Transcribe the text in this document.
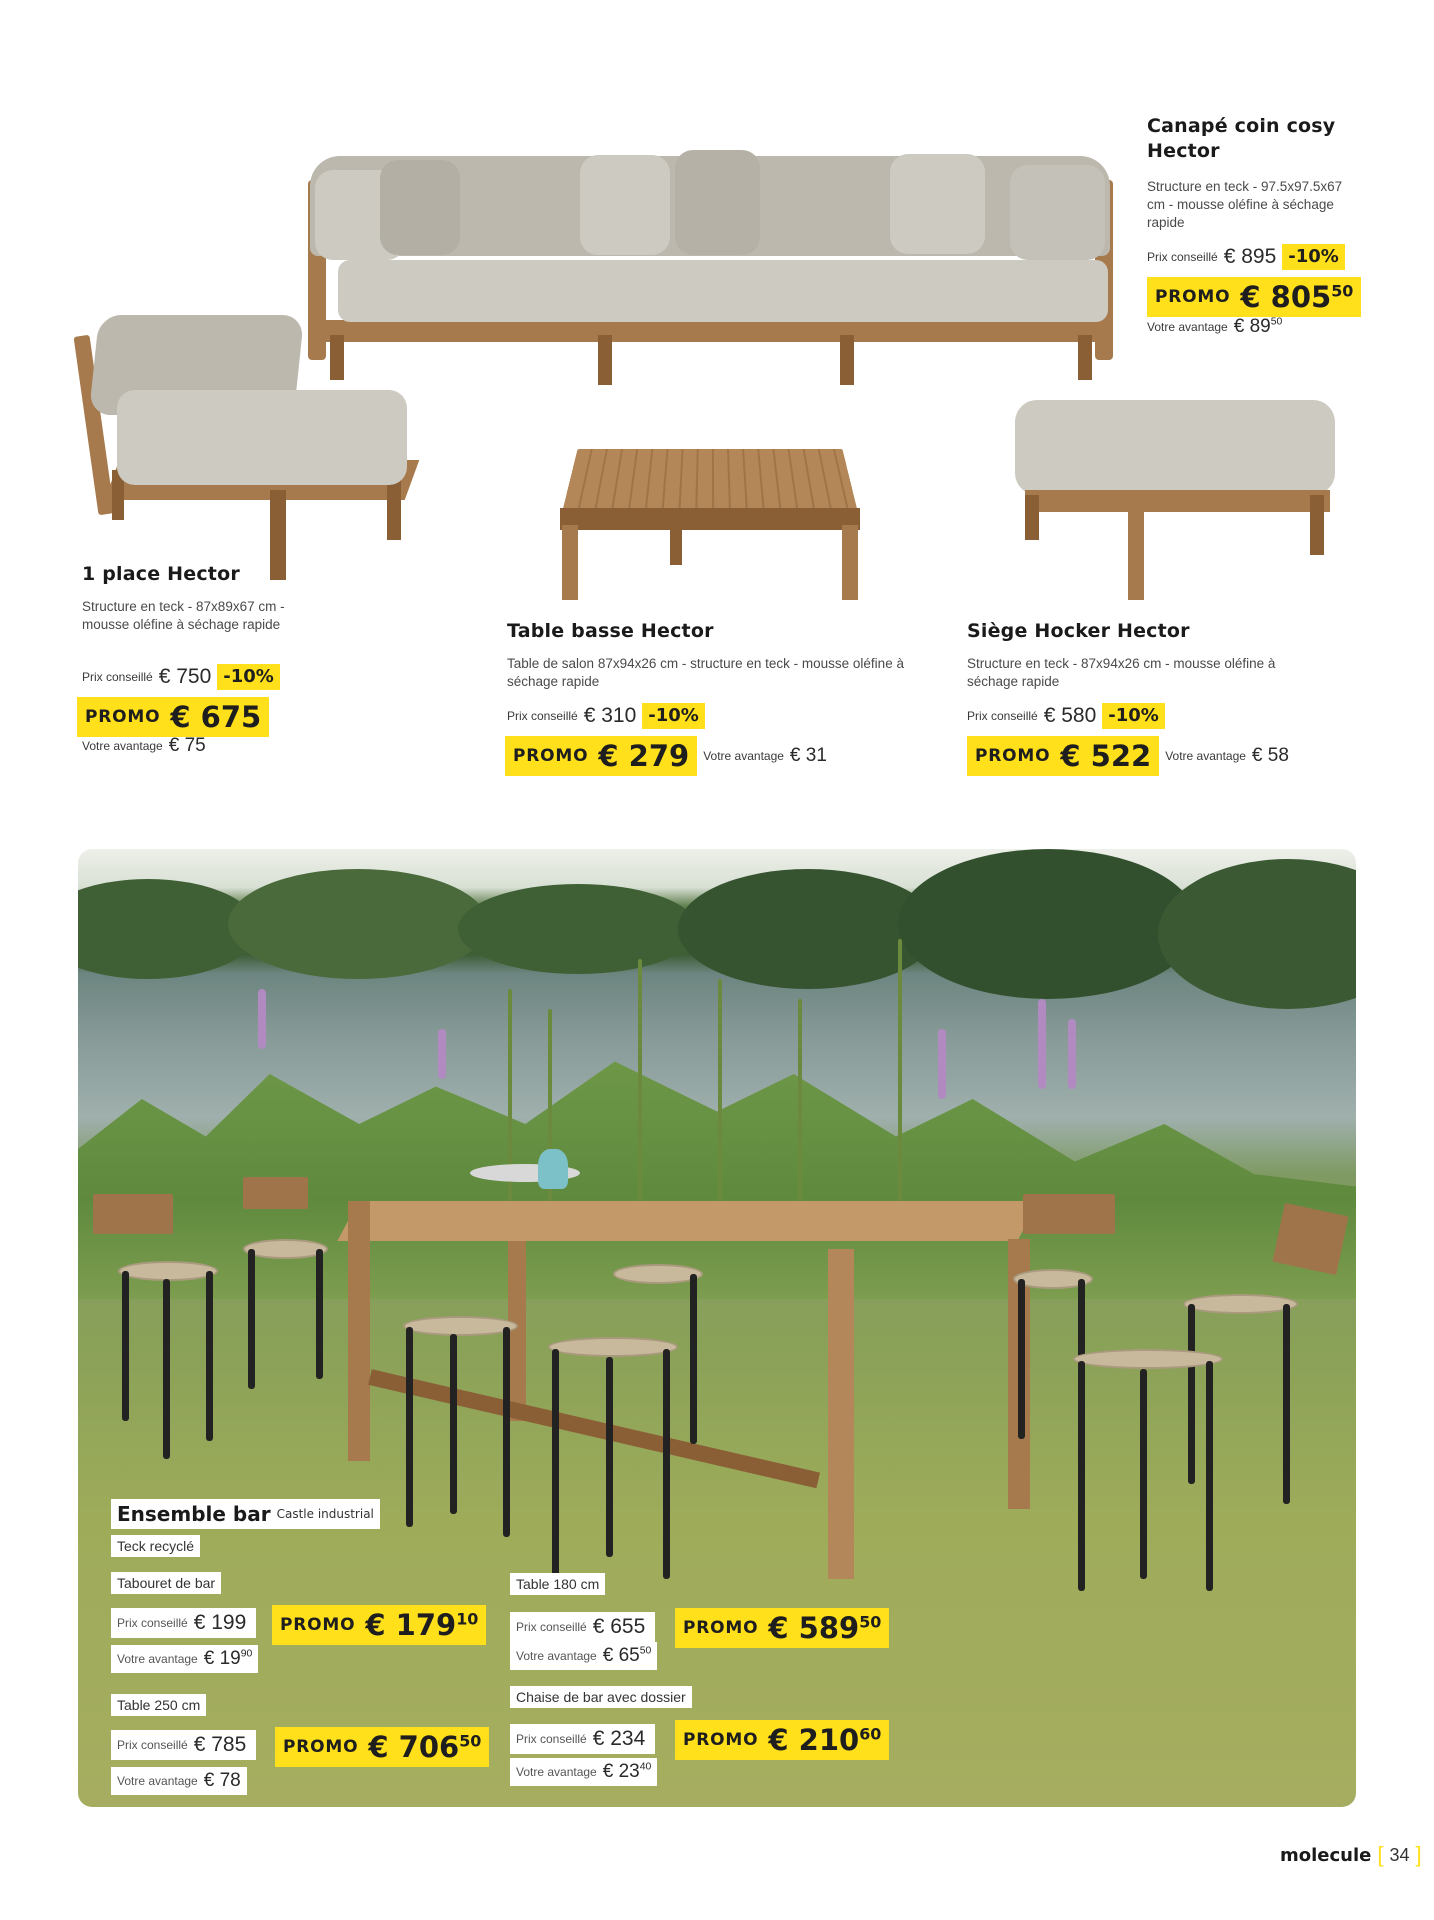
Canapé coin cosy
Hector
Structure en teck - 97.5x97.5x67 cm - mousse oléfine à séchage rapide
Prix conseillé € 895 -10%
PROMO € $805^{50}$
Votre avantage € $89^{50}$
1 place Hector
Structure en teck - 87x89x67 cm - mousse oléfine à séchage rapide
Prix conseillé € 750 -10%
PROMO € 675
Votre avantage € 75
Table basse Hector
Table de salon 87x94x26 cm - structure en teck - mousse oléfine à séchage rapide
Prix conseillé € 310 -10%
PROMO € 279 Votre avantage € 31
Siège Hocker Hector
Structure en teck - 87x94x26 cm - mousse oléfine à séchage rapide
Prix conseillé € 580 -10%
PROMO € 522 Votre avantage € 58
Ensemble bar Castle industrial
Teck recyclé
Tabouret de bar
Prix conseillé € 199 PROMO € $179^{10}$
Votre avantage € $19^{90}$
Table 250 cm
Prix conseillé € 785 PROMO € $706^{50}$
Votre avantage € 78
Table 180 cm
Prix conseillé € 655 PROMO € $589^{50}$
Votre avantage € $65^{50}$
Chaise de bar avec dossier
Prix conseillé € 234 PROMO € $210^{60}$
Votre avantage € $23^{40}$
molecule [ 34 ]
